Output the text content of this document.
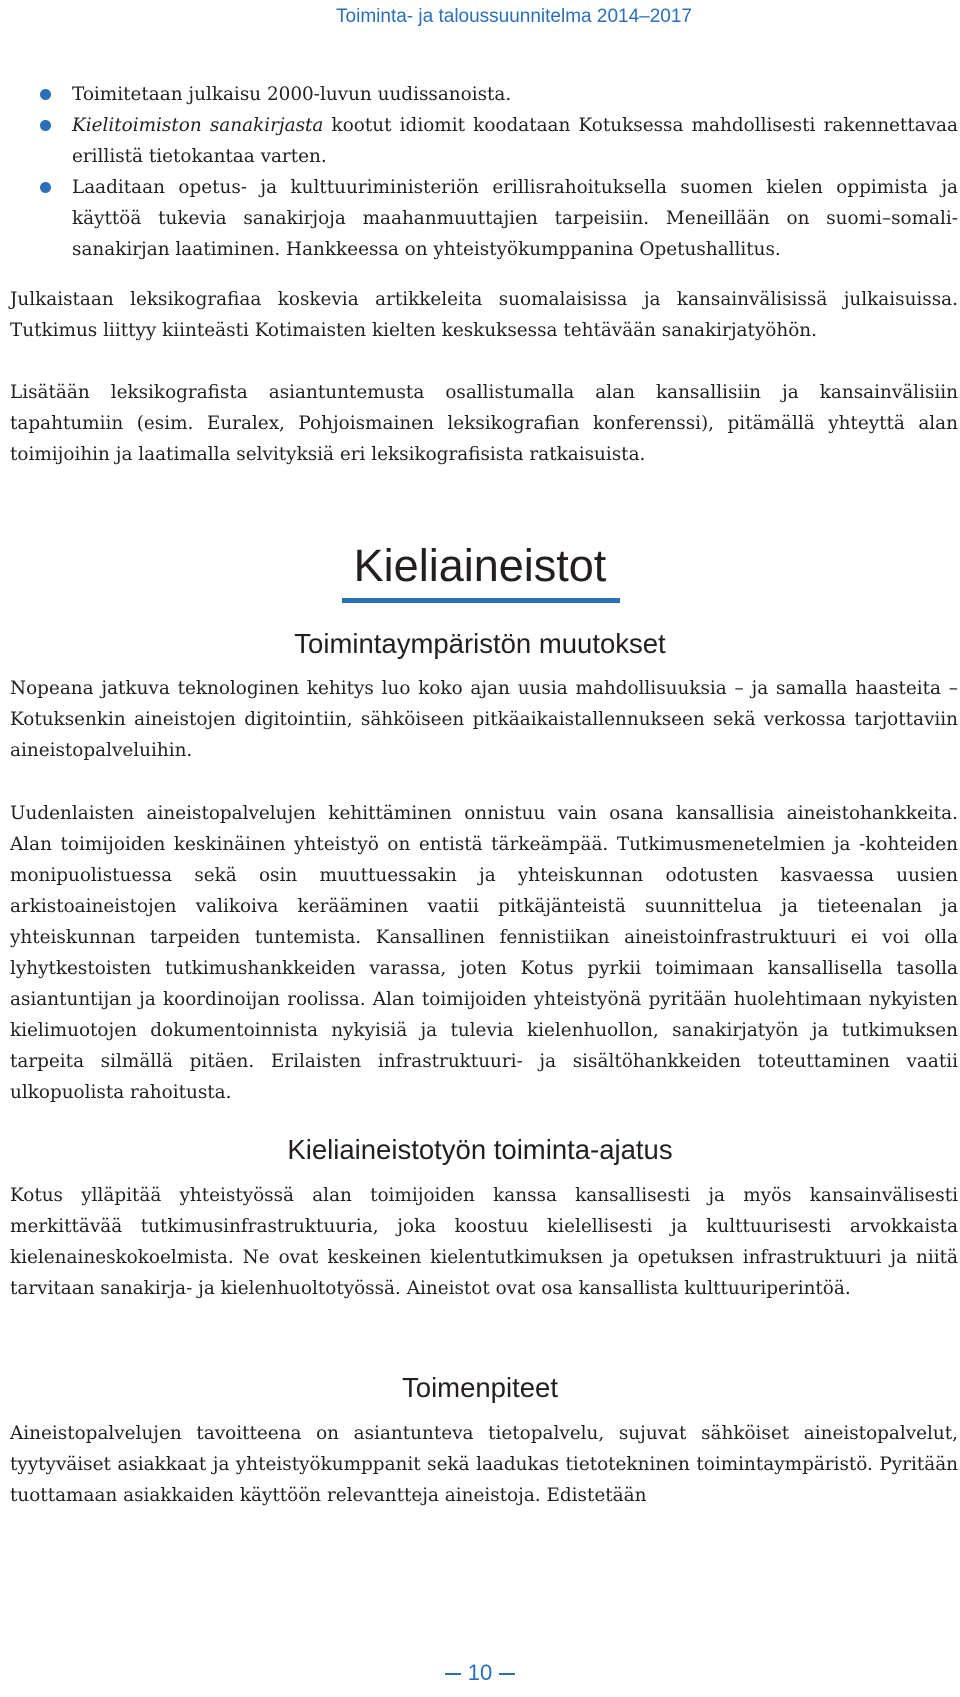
Toiminta- ja taloussuunnitelma 2014–2017
Toimitetaan julkaisu 2000-luvun uudissanoista.
Kielitoimiston sanakirjasta kootut idiomit koodataan Kotuksessa mahdollisesti rakennettavaa erillistä tietokantaa varten.
Laaditaan opetus- ja kulttuuriministeriön erillisrahoituksella suomen kielen oppimista ja käyttöä tukevia sanakirjoja maahanmuuttajien tarpeisiin. Meneillään on suomi–somali-sanakirjan laatiminen. Hankkeessa on yhteistyökumppanina Opetushallitus.

Julkaistaan leksikografiaa koskevia artikkeleita suomalaisissa ja kansainvälisissä julkaisuissa. Tutkimus liittyy kiinteästi Kotimaisten kielten keskuksessa tehtävään sanakirjatyöhön.

Lisätään leksikografista asiantuntemusta osallistumalla alan kansallisiin ja kansainvälisiin tapahtumiin (esim. Euralex, Pohjoismainen leksikografian konferenssi), pitämällä yhteyttä alan toimijoihin ja laatimalla selvityksiä eri leksikografisista ratkaisuista.

Kieliaineistot
Toimintaympäristön muutokset

Nopeana jatkuva teknologinen kehitys luo koko ajan uusia mahdollisuuksia – ja samalla haasteita – Kotuksenkin aineistojen digitointiin, sähköiseen pitkäaikaistallennukseen sekä verkossa tarjottaviin aineistopalveluihin.

Uudenlaisten aineistopalvelujen kehittäminen onnistuu vain osana kansallisia aineistohankkeita. Alan toimijoiden keskinäinen yhteistyö on entistä tärkeämpää. Tutkimusmenetelmien ja -kohteiden monipuolistuessa sekä osin muuttuessakin ja yhteiskunnan odotusten kasvaessa uusien arkistoaineistojen valikoiva kerääminen vaatii pitkäjänteistä suunnittelua ja tieteenalan ja yhteiskunnan tarpeiden tuntemista. Kansallinen fennistiikan aineistoinfrastruktuuri ei voi olla lyhytkestoisten tutkimushankkeiden varassa, joten Kotus pyrkii toimimaan kansallisella tasolla asiantuntijan ja koordinoijan roolissa. Alan toimijoiden yhteistyönä pyritään huolehtimaan nykyisten kielimuotojen dokumentoinnista nykyisiä ja tulevia kielenhuollon, sanakirjatyön ja tutkimuksen tarpeita silmällä pitäen. Erilaisten infrastruktuuri- ja sisältöhankkeiden toteuttaminen vaatii ulkopuolista rahoitusta.

Kieliaineistotyön toiminta-ajatus

Kotus ylläpitää yhteistyössä alan toimijoiden kanssa kansallisesti ja myös kansainvälisesti merkittävää tutkimusinfrastruktuuria, joka koostuu kielellisesti ja kulttuurisesti arvokkaista kielenaineskokoelmista. Ne ovat keskeinen kielentutkimuksen ja opetuksen infrastruktuuri ja niitä tarvitaan sanakirja- ja kielenhuoltotyössä. Aineistot ovat osa kansallista kulttuuriperintöä.

Toimenpiteet

Aineistopalvelujen tavoitteena on asiantunteva tietopalvelu, sujuvat sähköiset aineistopalvelut, tyytyväiset asiakkaat ja yhteistyökumppanit sekä laadukas tietotekninen toimintaympäristö. Pyritään tuottamaan asiakkaiden käyttöön relevantteja aineistoja. Edistetään

10
